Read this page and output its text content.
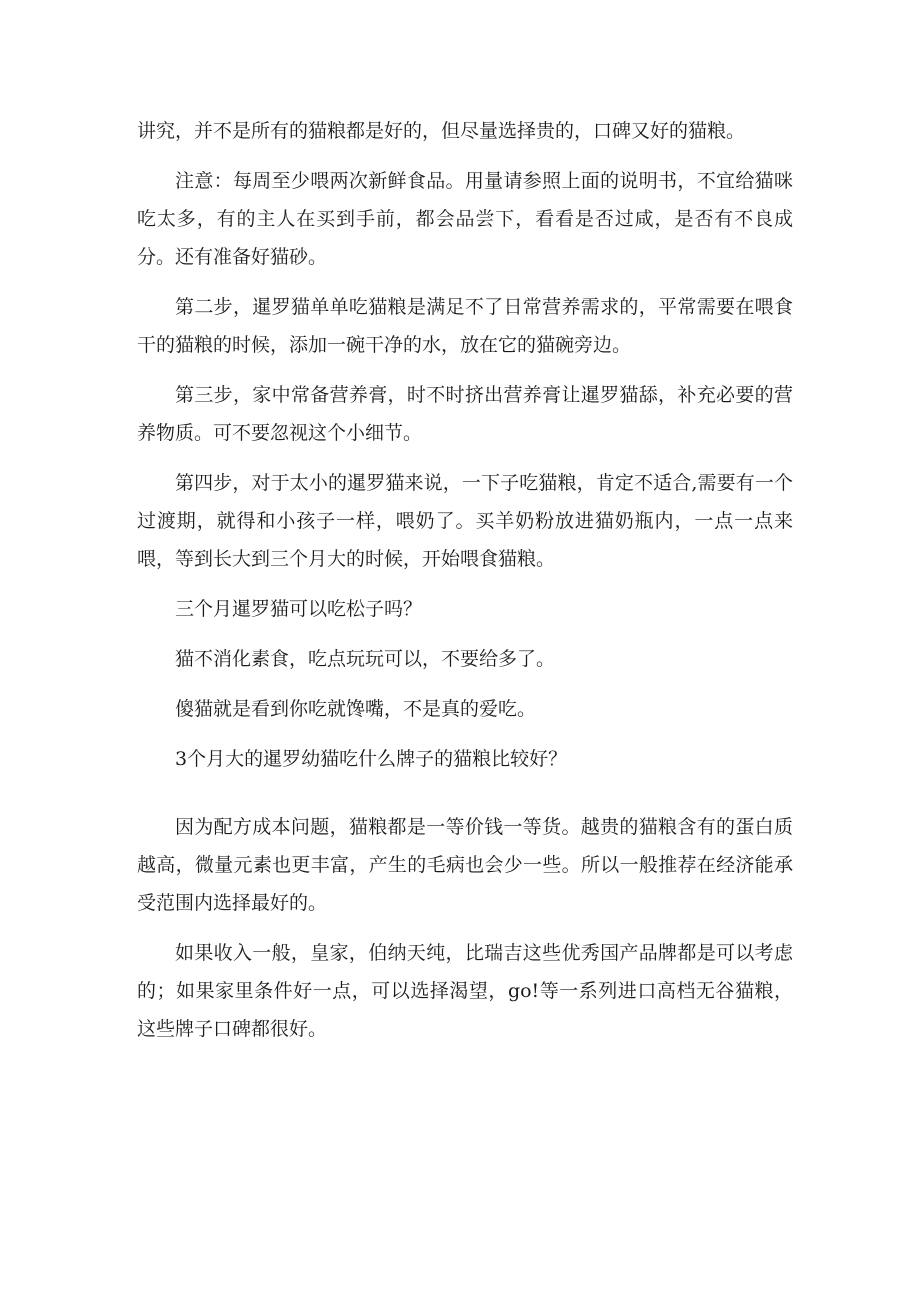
讲究，并不是所有的猫粮都是好的，但尽量选择贵的，口碑又好的猫粮。

注意：每周至少喂两次新鲜食品。用量请参照上面的说明书，不宜给猫咪吃太多，有的主人在买到手前，都会品尝下，看看是否过咸，是否有不良成分。还有准备好猫砂。

第二步，暹罗猫单单吃猫粮是满足不了日常营养需求的，平常需要在喂食干的猫粮的时候，添加一碗干净的水，放在它的猫碗旁边。

第三步，家中常备营养膏，时不时挤出营养膏让暹罗猫舔，补充必要的营养物质。可不要忽视这个小细节。

第四步，对于太小的暹罗猫来说，一下子吃猫粮，肯定不适合,需要有一个过渡期，就得和小孩子一样，喂奶了。买羊奶粉放进猫奶瓶内，一点一点来喂，等到长大到三个月大的时候，开始喂食猫粮。

三个月暹罗猫可以吃松子吗？

猫不消化素食，吃点玩玩可以，不要给多了。

傻猫就是看到你吃就馋嘴，不是真的爱吃。

3个月大的暹罗幼猫吃什么牌子的猫粮比较好？

因为配方成本问题，猫粮都是一等价钱一等货。越贵的猫粮含有的蛋白质越高，微量元素也更丰富，产生的毛病也会少一些。所以一般推荐在经济能承受范围内选择最好的。

如果收入一般，皇家，伯纳天纯，比瑞吉这些优秀国产品牌都是可以考虑的；如果家里条件好一点，可以选择渴望，go!等一系列进口高档无谷猫粮，这些牌子口碑都很好。
